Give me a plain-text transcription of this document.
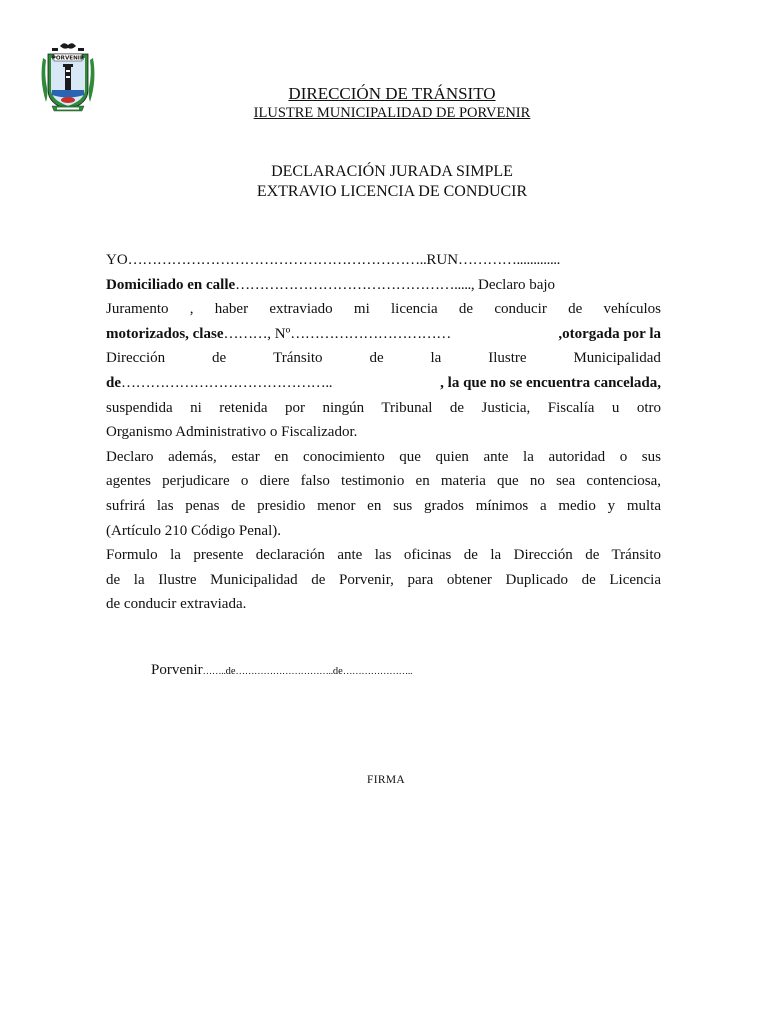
PORVENIR
DIRECCIÓN DE TRÁNSITO
ILUSTRE MUNICIPALIDAD DE PORVENIR
DECLARACIÓN JURADA SIMPLE
EXTRAVIO LICENCIA DE CONDUCIR
YO……………………………………………………..RUN………….............
Domiciliado en calle………………………………………....., Declaro bajo
Juramento , haber extraviado mi licencia de conducir de vehículos
motorizados, clase………, Nº……………………………	,otorgada por la
Dirección	de	Tránsito	de	la	Ilustre	Municipalidad
de……………………………………..	, la que no se encuentra cancelada,
suspendida ni retenida por ningún Tribunal de Justicia, Fiscalía u otro
Organismo Administrativo o Fiscalizador.
Declaro además, estar en conocimiento que quien ante la autoridad o sus
agentes perjudicare o diere falso testimonio en materia que no sea contenciosa,
sufrirá las penas de presidio menor en sus grados mínimos a medio y multa
(Artículo 210 Código Penal).
Formulo la presente declaración ante las oficinas de la Dirección de Tránsito
de la Ilustre Municipalidad de Porvenir, para obtener Duplicado de Licencia
de conducir extraviada.
Porvenir……..de…………………………..de…………………..
FIRMA
